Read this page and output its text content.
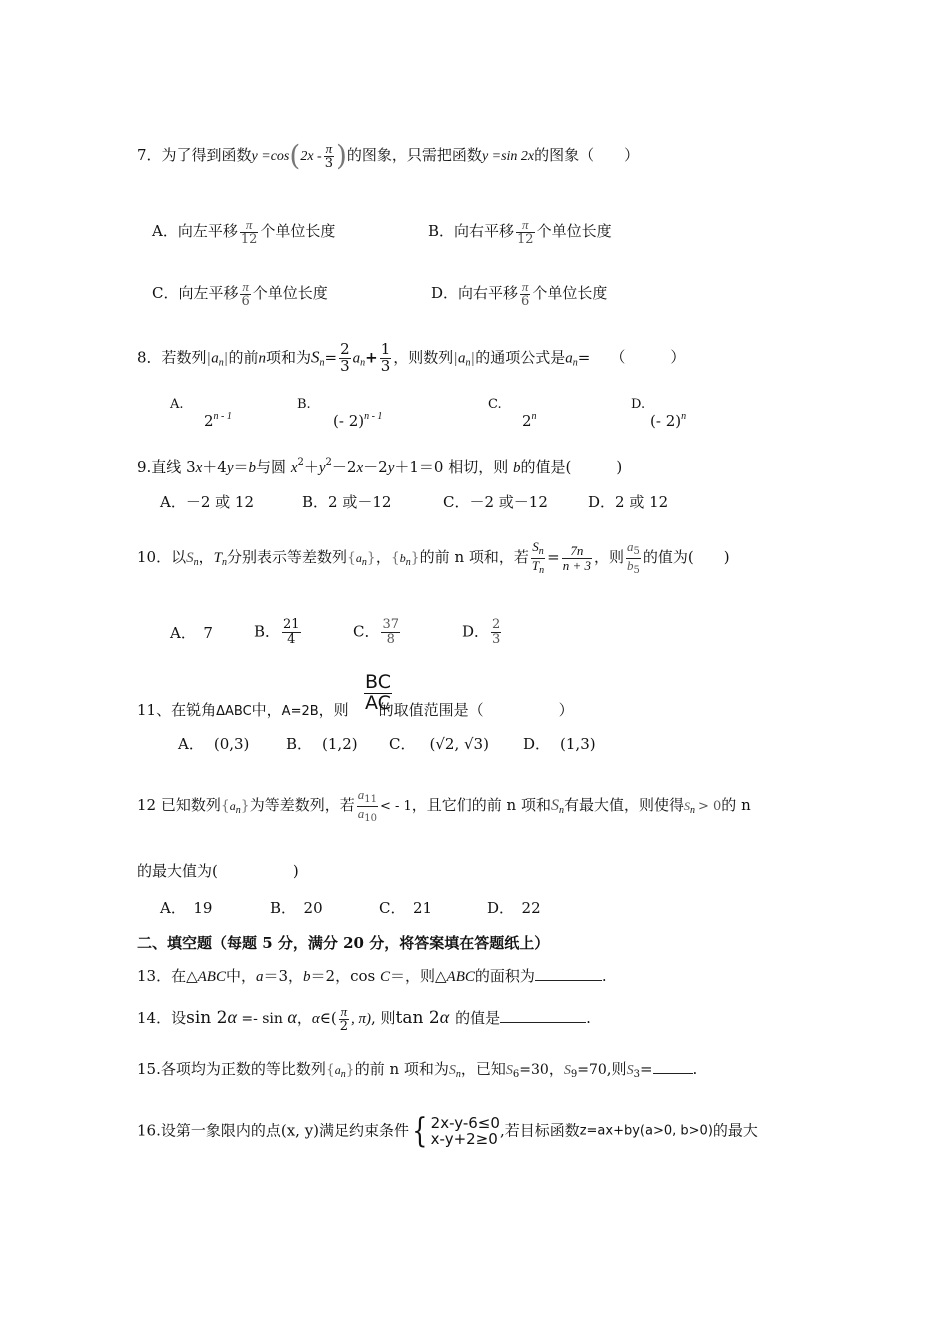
7．为了得到函数$y =\cos(2x - \frac{\pi}{3}$ )的图象，只需把函数y =sin 2x的图象（　　）
A．向左平移 $\frac{\pi}{12}$ 个单位长度	B．向右平移 $\frac{\pi}{12}$ 个单位长度
C．向左平移 $\frac{\pi}{6}$ 个单位长度	D．向右平移 $\frac{\pi}{6}$ 个单位长度
8．若数列$|a_n|$的前n项和为$S_n= \frac{2}{3} a_n+ \frac{1}{3}$ ，则数列$|a_n|$的通项公式是$a_n=$ （　　　）
A.
2$^{n - 1}$
B.
(- 2)$^{n - 1}$
C.
2$^n$
D.
(- 2)$^n$
9.直线 3x＋4y＝b与圆 $x^2+y^2-2x-2y+1=0$ 相切，则 b的值是(　　　)
A．－2 或 12	B．2 或－12	C．－2 或－12	D．2 或 12
10．以$S_n$，$T_n$分别表示等差数列$\{a_n\}$，$\{b_n\}$的前 n 项和，若 $\frac{S_n}{T_n} = \frac{7n}{n + 3}$ ，则 $\frac{a_5}{b_5}$ 的值为(　　)
A．　7	B． $\frac{21}{4}$	C． $\frac{37}{8}$	D． $\frac{2}{3}$
BC
AC
11、在锐角ΔABC中，A=2B，则 的取值范围是（　　　　　）
A． (0,3) B． (1,2) C． (√2, √3) D． (1,3)
12 已知数列$\{a_n\}$为等差数列，若 $\frac{a_{11}}{a_{10}}$ < - 1，且它们的前 n 项和$S_n$有最大值，则使得$S_n > 0$的 n
的最大值为(　　　　　)
A．　19	B．　20	C．　21	D．　22
二、填空题（每题 5 分，满分 20 分，将答案填在答题纸上）
13．在△ABC中，a＝3，b＝2，cos C＝，则△ABC的面积为	.
14．设sin 2α =- sin α，α∈( $\frac{\pi}{2}$ , π), 则tan 2α 的值是	.
15.各项均为正数的等比数列$\{a_n\}$的前 n 项和为$S_n$，已知$S_6=30$，$S_9=70$,则$S_3=$	.
16.设第一象限内的点(x, y)满足约束条件{ 2x-y-6≤0
x-y+2≥0 ,若目标函数z=ax+by(a>0, b>0)的最大
